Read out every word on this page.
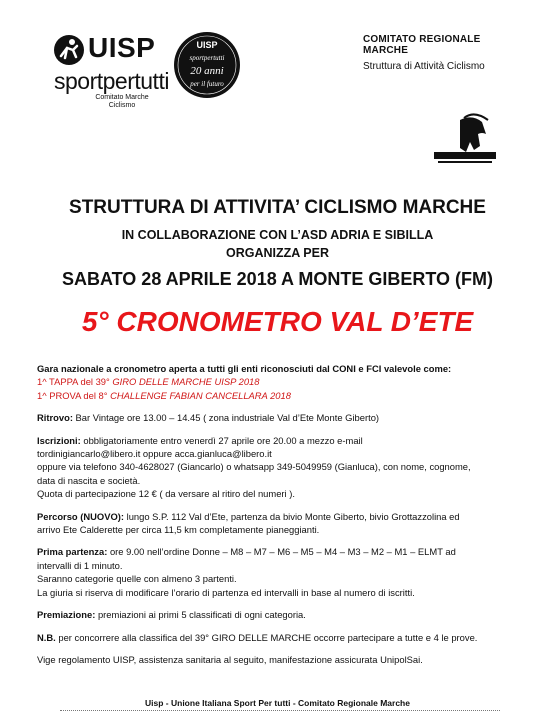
UISP
sportpertutti
Comitato Marche
Ciclismo
UISP
sportpertutti
20 anni
per il futuro
COMITATO REGIONALE MARCHE
Struttura di Attività Ciclismo
STRUTTURA DI ATTIVITA’ CICLISMO MARCHE
IN COLLABORAZIONE CON L’ASD ADRIA E SIBILLA
ORGANIZZA PER
SABATO 28 APRILE 2018 A MONTE GIBERTO (FM)
5° CRONOMETRO VAL D’ETE

Gara nazionale a cronometro aperta a tutti gli enti riconosciuti dal CONI e FCI valevole come:

1^ TAPPA del 39° GIRO DELLE MARCHE UISP 2018

1^ PROVA del 8° CHALLENGE FABIAN CANCELLARA 2018

Ritrovo: Bar Vintage ore 13.00 – 14.45 ( zona industriale Val d’Ete Monte Giberto)

Iscrizioni: obbligatoriamente entro venerdì 27 aprile ore 20.00 a mezzo e-mail

tordinigiancarlo@libero.it oppure acca.gianluca@libero.it

oppure via telefono 340-4628027 (Giancarlo) o whatsapp 349-5049959 (Gianluca), con nome, cognome,

data di nascita e società.

Quota di partecipazione 12 € ( da versare al ritiro del numeri ).

Percorso (NUOVO): lungo S.P. 112 Val d’Ete, partenza da bivio Monte Giberto, bivio Grottazzolina ed

arrivo Ete Calderette per circa 11,5 km completamente pianeggianti.

Prima partenza: ore 9.00 nell’ordine Donne – M8 – M7 – M6 – M5 – M4 – M3 – M2 – M1 – ELMT ad

intervalli di 1 minuto.

Saranno categorie quelle con almeno 3 partenti.

La giuria si riserva di modificare l’orario di partenza ed intervalli in base al numero di iscritti.

Premiazione: premiazioni ai primi 5 classificati di ogni categoria.

N.B. per concorrere alla classifica del 39° GIRO DELLE MARCHE occorre partecipare a tutte e 4 le prove.

Vige regolamento UISP, assistenza sanitaria al seguito, manifestazione assicurata UnipolSai.

Uisp - Unione Italiana Sport Per tutti - Comitato Regionale Marche
